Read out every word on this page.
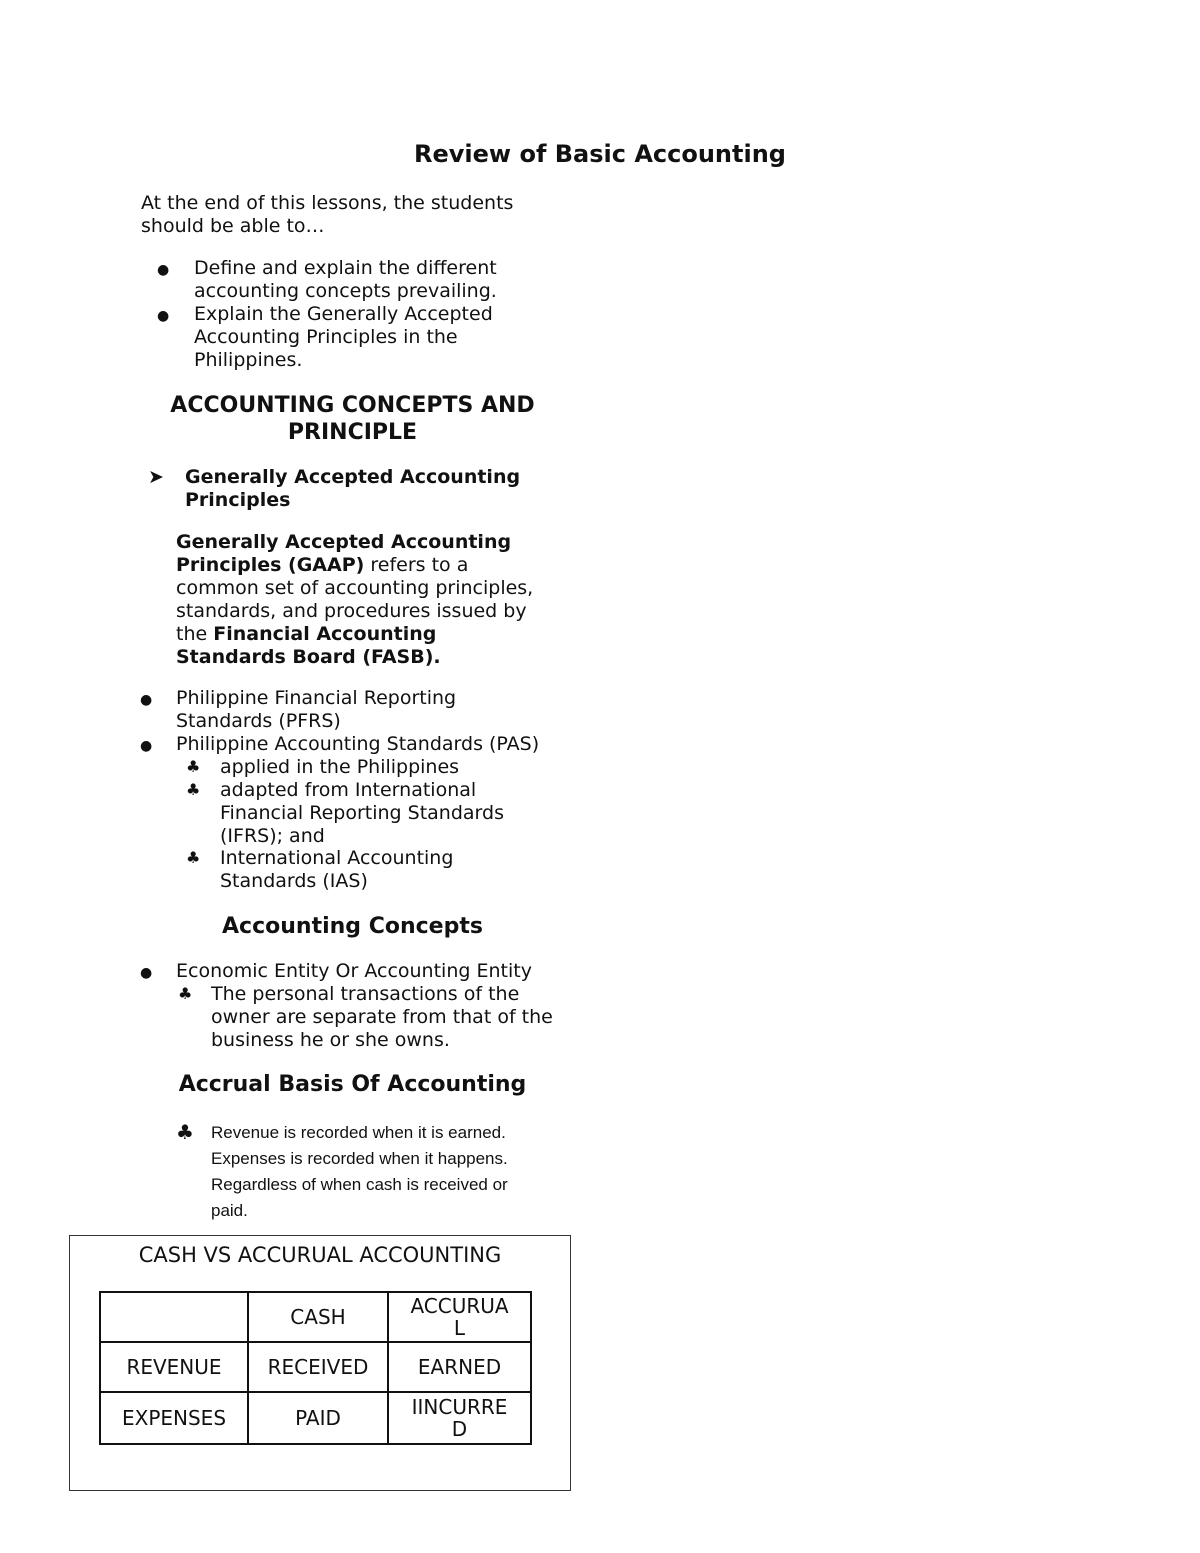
Review of Basic Accounting
At the end of this lessons, the students
should be able to…
● Define and explain the different
accounting concepts prevailing.
● Explain the Generally Accepted
Accounting Principles in the
Philippines.
ACCOUNTING CONCEPTS AND
PRINCIPLE
➤ Generally Accepted Accounting
Principles
Generally Accepted Accounting
Principles (GAAP) refers to a
common set of accounting principles,
standards, and procedures issued by
the Financial Accounting
Standards Board (FASB).
● Philippine Financial Reporting
Standards (PFRS)
● Philippine Accounting Standards (PAS)
♣ applied in the Philippines
♣ adapted from International
Financial Reporting Standards
(IFRS); and
♣ International Accounting
Standards (IAS)
Accounting Concepts
● Economic Entity Or Accounting Entity
♣ The personal transactions of the
owner are separate from that of the
business he or she owns.
Accrual Basis Of Accounting
♣ Revenue is recorded when it is earned.
Expenses is recorded when it happens.
Regardless of when cash is received or
paid.
CASH VS ACCURUAL ACCOUNTING
	CASH	ACCURUA
L

REVENUE	RECEIVED	EARNED
EXPENSES	PAID	IINCURRE
D
